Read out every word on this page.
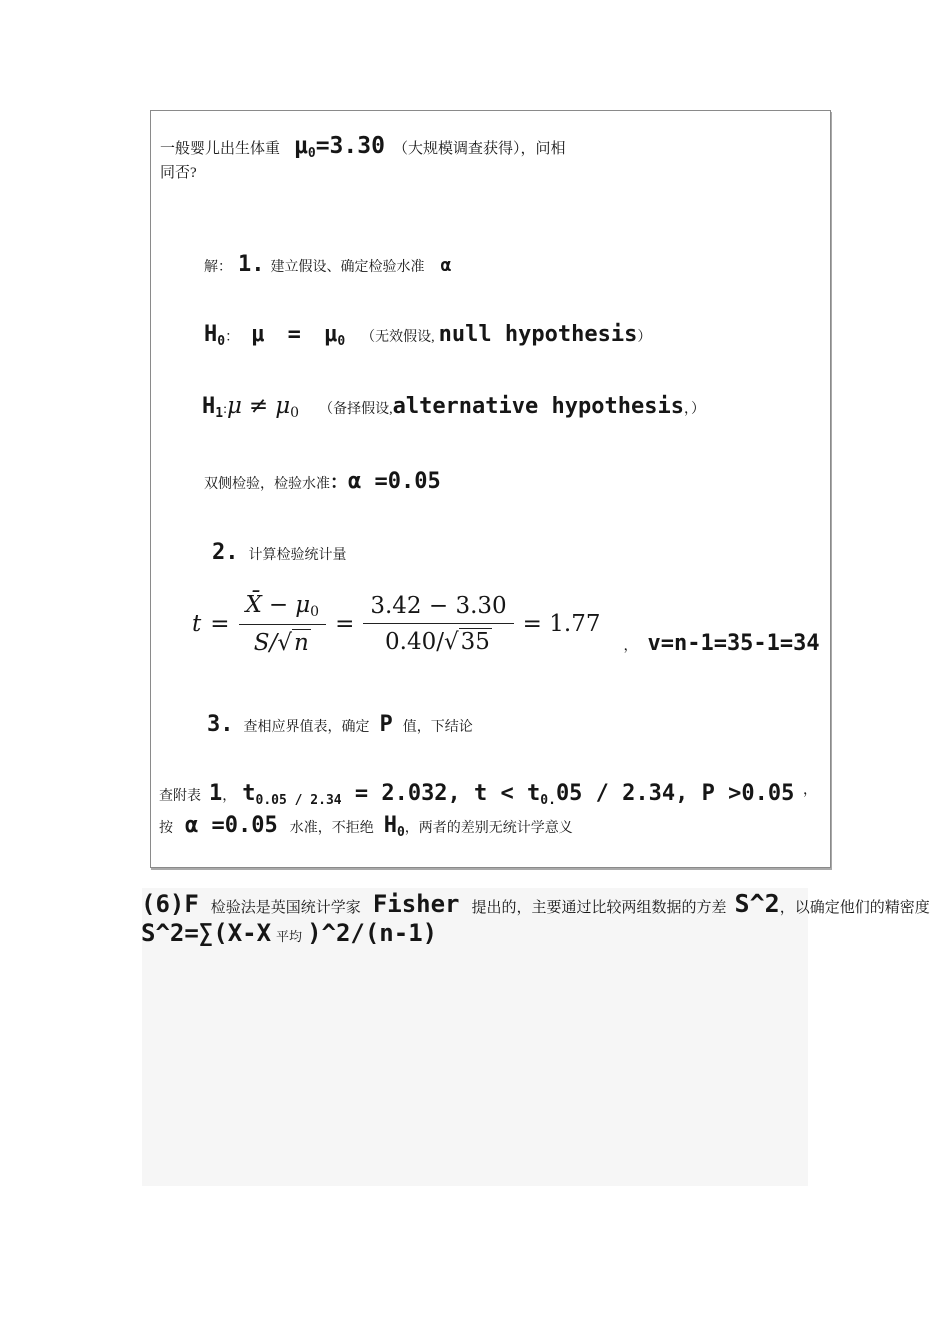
一般婴儿出生体重 $\mu_0=3.30$ （大规模调查获得），问相
同否?
解： 1. 建立假设、确定检验水准 α
$H_0$： $\mu = \mu_0$ （无效假设, null hypothesis）
$H_1:\mu \ne \mu 0$ （备择假设,alternative hypothesis，）
双侧检验，检验水准：α =0.05
2. 计算检验统计量
$t = \frac{X̄ - \mu 0}{S/√n} = \frac{3.42 - 3.30}{0.40/√35} = 1.77$
， v=n-1=35-1=34
3. 查相应界值表，确定 P 值，下结论
查附表 1， $t_{0.05 / 2.34} = 2.032$, $t < t_{0.}05 / 2.34$, P >0.05 ，
按 α =0.05 水准，不拒绝 $H_0$，两者的差别无统计学意义
(6)F 检验法是英国统计学家 Fisher 提出的，主要通过比较两组数据的方差 S^2，以确定他们的精密度
S^2=∑(X-X 平均 )^2/(n-1)
